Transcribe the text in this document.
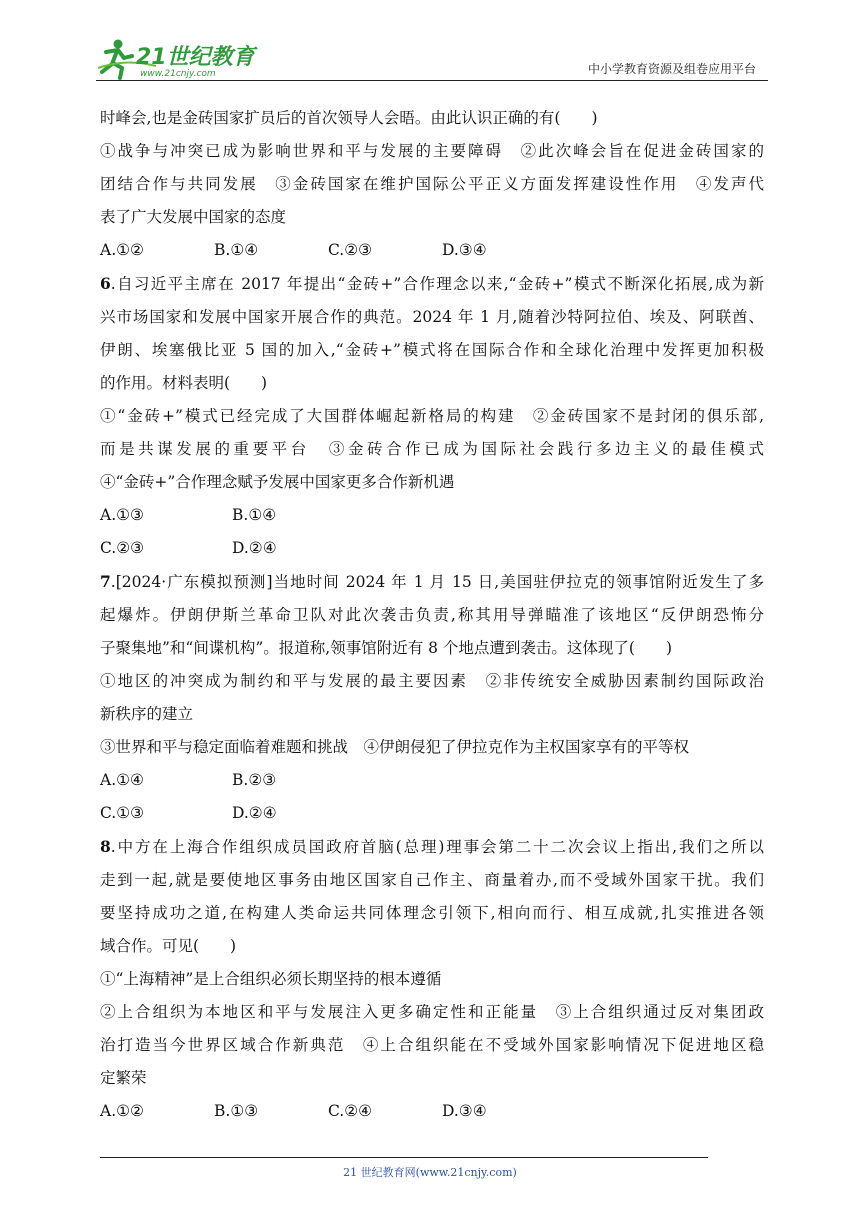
21世纪教育
www.21cnjy.com	中小学教育资源及组卷应用平台

时峰会,也是金砖国家扩员后的首次领导人会晤。由此认识正确的有(　　)

①战争与冲突已成为影响世界和平与发展的主要障碍　②此次峰会旨在促进金砖国家的

团结合作与共同发展　③金砖国家在维护国际公平正义方面发挥建设性作用　④发声代

表了广大发展中国家的态度

A.①②	B.①④	C.②③	D.③④

6.自习近平主席在 2017 年提出“金砖+”合作理念以来,“金砖+”模式不断深化拓展,成为新

兴市场国家和发展中国家开展合作的典范。2024 年 1 月,随着沙特阿拉伯、埃及、阿联酋、

伊朗、埃塞俄比亚 5 国的加入,“金砖+”模式将在国际合作和全球化治理中发挥更加积极

的作用。材料表明(　　)

①“金砖+”模式已经完成了大国群体崛起新格局的构建　②金砖国家不是封闭的俱乐部,

而是共谋发展的重要平台　③金砖合作已成为国际社会践行多边主义的最佳模式

④“金砖+”合作理念赋予发展中国家更多合作新机遇

A.①③	B.①④

C.②③	D.②④

7.[2024·广东模拟预测]当地时间 2024 年 1 月 15 日,美国驻伊拉克的领事馆附近发生了多

起爆炸。伊朗伊斯兰革命卫队对此次袭击负责,称其用导弹瞄准了该地区“反伊朗恐怖分

子聚集地”和“间谍机构”。报道称,领事馆附近有 8 个地点遭到袭击。这体现了(　　)

①地区的冲突成为制约和平与发展的最主要因素　②非传统安全威胁因素制约国际政治

新秩序的建立

③世界和平与稳定面临着难题和挑战　④伊朗侵犯了伊拉克作为主权国家享有的平等权

A.①④	B.②③

C.①③	D.②④

8.中方在上海合作组织成员国政府首脑(总理)理事会第二十二次会议上指出,我们之所以

走到一起,就是要使地区事务由地区国家自己作主、商量着办,而不受域外国家干扰。我们

要坚持成功之道,在构建人类命运共同体理念引领下,相向而行、相互成就,扎实推进各领

域合作。可见(　　)

①“上海精神”是上合组织必须长期坚持的根本遵循

②上合组织为本地区和平与发展注入更多确定性和正能量　③上合组织通过反对集团政

治打造当今世界区域合作新典范　④上合组织能在不受域外国家影响情况下促进地区稳

定繁荣

A.①②	B.①③	C.②④	D.③④

21 世纪教育网(www.21cnjy.com)
